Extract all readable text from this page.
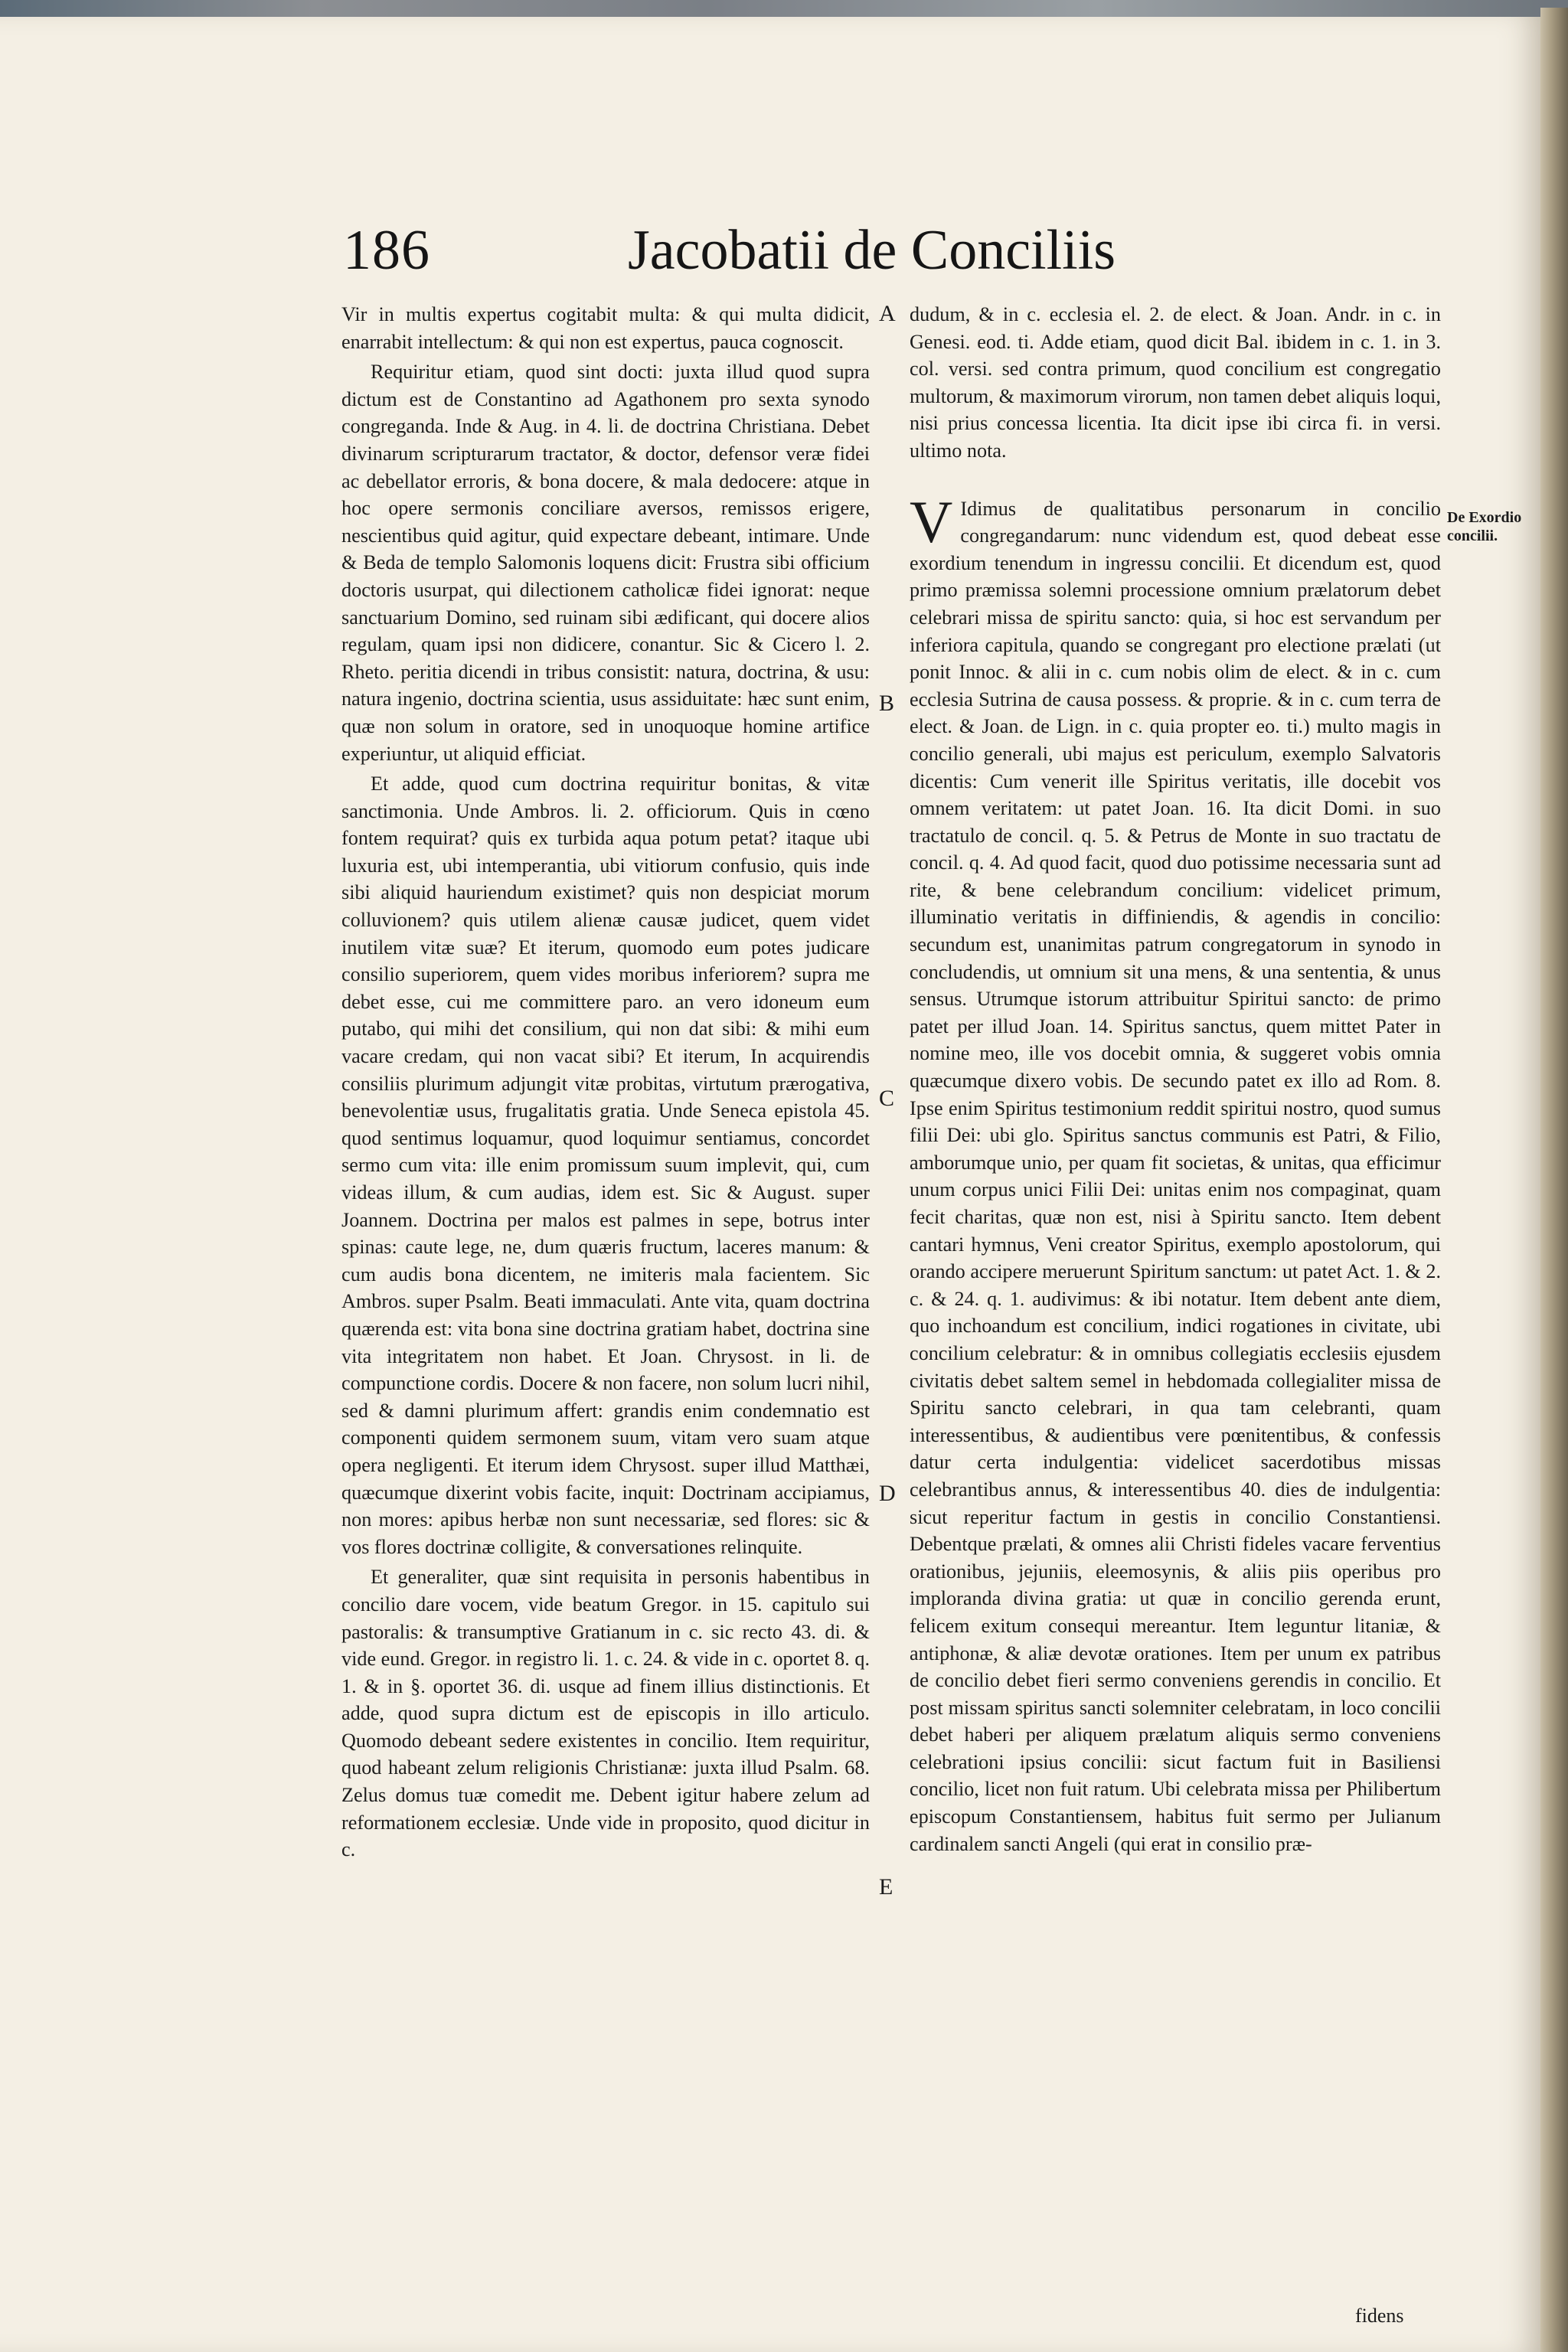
186	Jacobatii de Conciliis

Vir in multis expertus cogitabit multa: & qui multa didicit, enarrabit intellectum: & qui non est expertus, pauca cognoscit.

Requiritur etiam, quod sint docti: juxta illud quod supra dictum est de Constantino ad Agathonem pro sexta synodo congreganda. Inde & Aug. in 4. li. de doctrina Christiana. Debet divinarum scripturarum tractator, & doctor, defensor veræ fidei ac debellator erroris, & bona docere, & mala dedocere: atque in hoc opere sermonis conciliare aversos, remissos erigere, nescientibus quid agitur, quid expectare debeant, intimare. Unde & Beda de templo Salomonis loquens dicit: Frustra sibi officium doctoris usurpat, qui dilectionem catholicæ fidei ignorat: neque sanctuarium Domino, sed ruinam sibi ædificant, qui docere alios regulam, quam ipsi non didicere, conantur. Sic & Cicero l. 2. Rheto. peritia dicendi in tribus consistit: natura, doctrina, & usu: natura ingenio, doctrina scientia, usus assiduitate: hæc sunt enim, quæ non solum in oratore, sed in unoquoque homine artifice experiuntur, ut aliquid efficiat.

Et adde, quod cum doctrina requiritur bonitas, & vitæ sanctimonia. Unde Ambros. li. 2. officiorum. Quis in cœno fontem requirat? quis ex turbida aqua potum petat? itaque ubi luxuria est, ubi intemperantia, ubi vitiorum confusio, quis inde sibi aliquid hauriendum existimet? quis non despiciat morum colluvionem? quis utilem alienæ causæ judicet, quem videt inutilem vitæ suæ? Et iterum, quomodo eum potes judicare consilio superiorem, quem vides moribus inferiorem? supra me debet esse, cui me committere paro. an vero idoneum eum putabo, qui mihi det consilium, qui non dat sibi: & mihi eum vacare credam, qui non vacat sibi? Et iterum, In acquirendis consiliis plurimum adjungit vitæ probitas, virtutum prærogativa, benevolentiæ usus, frugalitatis gratia. Unde Seneca epistola 45. quod sentimus loquamur, quod loquimur sentiamus, concordet sermo cum vita: ille enim promissum suum implevit, qui, cum videas illum, & cum audias, idem est. Sic & August. super Joannem. Doctrina per malos est palmes in sepe, botrus inter spinas: caute lege, ne, dum quæris fructum, laceres manum: & cum audis bona dicentem, ne imiteris mala facientem. Sic Ambros. super Psalm. Beati immaculati. Ante vita, quam doctrina quærenda est: vita bona sine doctrina gratiam habet, doctrina sine vita integritatem non habet. Et Joan. Chrysost. in li. de compunctione cordis. Docere & non facere, non solum lucri nihil, sed & damni plurimum affert: grandis enim condemnatio est componenti quidem sermonem suum, vitam vero suam atque opera negligenti. Et iterum idem Chrysost. super illud Matthæi, quæcumque dixerint vobis facite, inquit: Doctrinam accipiamus, non mores: apibus herbæ non sunt necessariæ, sed flores: sic & vos flores doctrinæ colligite, & conversationes relinquite.

Et generaliter, quæ sint requisita in personis habentibus in concilio dare vocem, vide beatum Gregor. in 15. capitulo sui pastoralis: & transumptive Gratianum in c. sic recto 43. di. & vide eund. Gregor. in registro li. 1. c. 24. & vide in c. oportet 8. q. 1. & in §. oportet 36. di. usque ad finem illius distinctionis. Et adde, quod supra dictum est de episcopis in illo articulo. Quomodo debeant sedere existentes in concilio. Item requiritur, quod habeant zelum religionis Christianæ: juxta illud Psalm. 68. Zelus domus tuæ comedit me. Debent igitur habere zelum ad reformationem ecclesiæ. Unde vide in proposito, quod dicitur in c.

A
B
C
D
E

dudum, & in c. ecclesia el. 2. de elect. & Joan. Andr. in c. in Genesi. eod. ti. Adde etiam, quod dicit Bal. ibidem in c. 1. in 3. col. versi. sed contra primum, quod concilium est congregatio multorum, & maximorum virorum, non tamen debet aliquis loqui, nisi prius concessa licentia. Ita dicit ipse ibi circa fi. in versi. ultimo nota.

V Idimus de qualitatibus personarum in concilio congregandarum: nunc videndum est, quod debeat esse exordium tenendum in ingressu concilii. Et dicendum est, quod primo præmissa solemni processione omnium prælatorum debet celebrari missa de spiritu sancto: quia, si hoc est servandum per inferiora capitula, quando se congregant pro electione prælati (ut ponit Innoc. & alii in c. cum nobis olim de elect. & in c. cum ecclesia Sutrina de causa possess. & proprie. & in c. cum terra de elect. & Joan. de Lign. in c. quia propter eo. ti.) multo magis in concilio generali, ubi majus est periculum, exemplo Salvatoris dicentis: Cum venerit ille Spiritus veritatis, ille docebit vos omnem veritatem: ut patet Joan. 16. Ita dicit Domi. in suo tractatulo de concil. q. 5. & Petrus de Monte in suo tractatu de concil. q. 4. Ad quod facit, quod duo potissime necessaria sunt ad rite, & bene celebrandum concilium: videlicet primum, illuminatio veritatis in diffiniendis, & agendis in concilio: secundum est, unanimitas patrum congregatorum in synodo in concludendis, ut omnium sit una mens, & una sententia, & unus sensus. Utrumque istorum attribuitur Spiritui sancto: de primo patet per illud Joan. 14. Spiritus sanctus, quem mittet Pater in nomine meo, ille vos docebit omnia, & suggeret vobis omnia quæcumque dixero vobis. De secundo patet ex illo ad Rom. 8. Ipse enim Spiritus testimonium reddit spiritui nostro, quod sumus filii Dei: ubi glo. Spiritus sanctus communis est Patri, & Filio, amborumque unio, per quam fit societas, & unitas, qua efficimur unum corpus unici Filii Dei: unitas enim nos compaginat, quam fecit charitas, quæ non est, nisi à Spiritu sancto. Item debent cantari hymnus, Veni creator Spiritus, exemplo apostolorum, qui orando accipere meruerunt Spiritum sanctum: ut patet Act. 1. & 2. c. & 24. q. 1. audivimus: & ibi notatur. Item debent ante diem, quo inchoandum est concilium, indici rogationes in civitate, ubi concilium celebratur: & in omnibus collegiatis ecclesiis ejusdem civitatis debet saltem semel in hebdomada collegialiter missa de Spiritu sancto celebrari, in qua tam celebranti, quam interessentibus, & audientibus vere pœnitentibus, & confessis datur certa indulgentia: videlicet sacerdotibus missas celebrantibus annus, & interessentibus 40. dies de indulgentia: sicut reperitur factum in gestis in concilio Constantiensi. Debentque prælati, & omnes alii Christi fideles vacare ferventius orationibus, jejuniis, eleemosynis, & aliis piis operibus pro imploranda divina gratia: ut quæ in concilio gerenda erunt, felicem exitum consequi mereantur. Item leguntur litaniæ, & antiphonæ, & aliæ devotæ orationes. Item per unum ex patribus de concilio debet fieri sermo conveniens gerendis in concilio. Et post missam spiritus sancti solemniter celebratam, in loco concilii debet haberi per aliquem prælatum aliquis sermo conveniens celebrationi ipsius concilii: sicut factum fuit in Basiliensi concilio, licet non fuit ratum. Ubi celebrata missa per Philibertum episcopum Constantiensem, habitus fuit sermo per Julianum cardinalem sancti Angeli (qui erat in consilio præ-

De Exordio
concilii.
fidens
